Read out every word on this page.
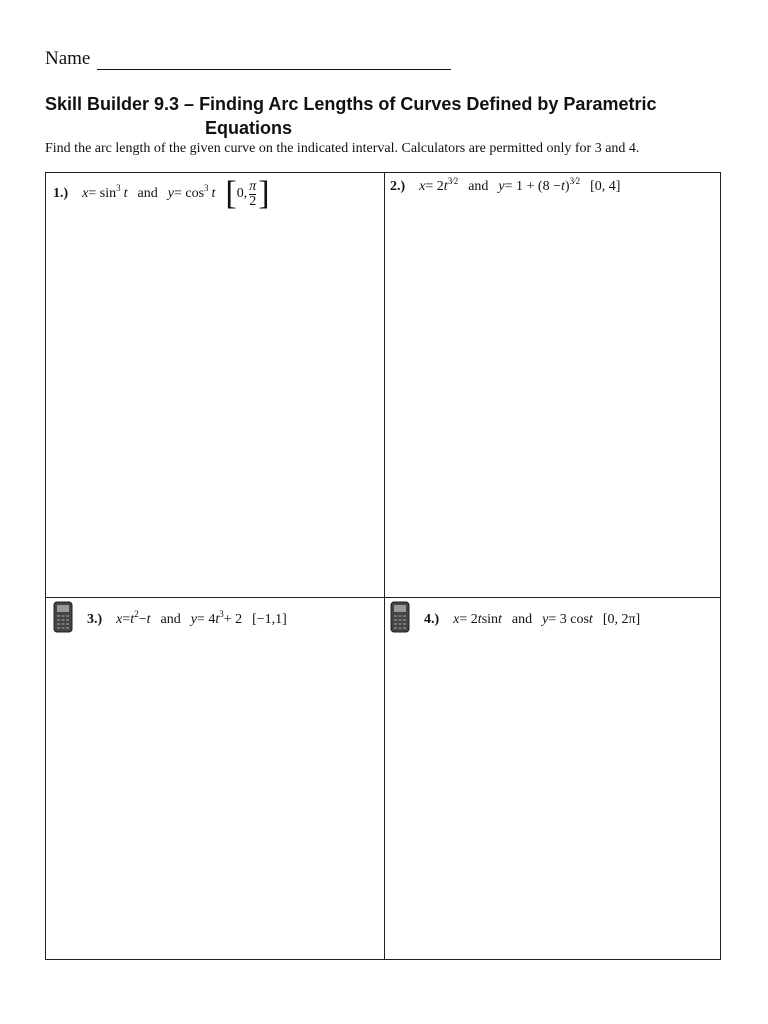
Name
Skill Builder 9.3 – Finding Arc Lengths of Curves Defined by Parametric
Equations
Find the arc length of the given curve on the indicated interval. Calculators are permitted only for 3 and 4.
1.) x = sin 3 t and y = cos 3 t [ 0, $\frac{\pi}{2}$ ]	2.) x = 2 t 3⁄2 and y = 1 + (8 − t ) 3⁄2 [0, 4]
3.) x = t 2 − t and y = 4 t 3 + 2 [−1,1]	4.) x = 2 t sin t and y = 3 cos t [0, 2π]
